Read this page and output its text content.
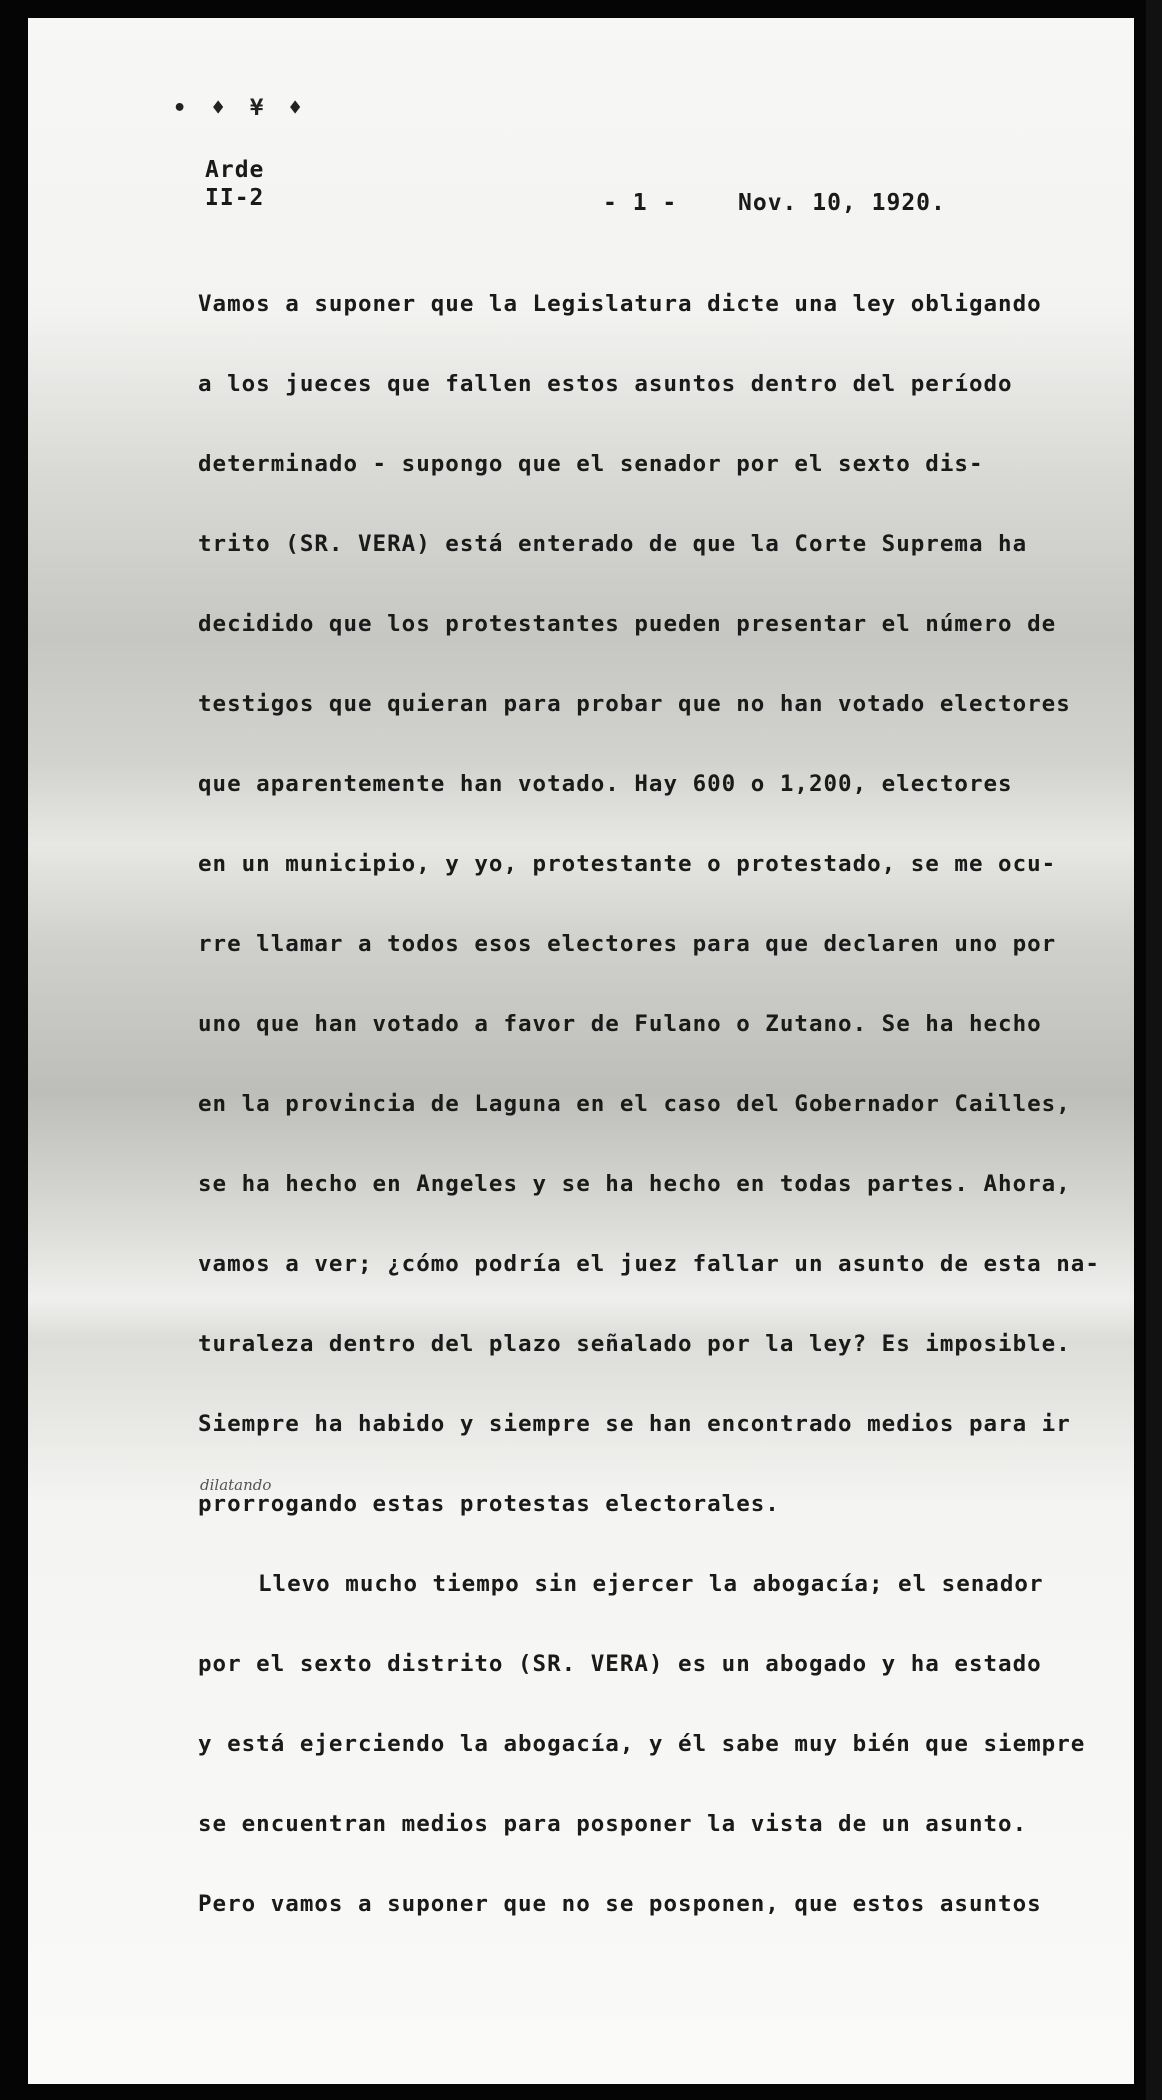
• ♦ ¥ ♦
Arde
II-2	- 1 -	Nov. 10, 1920.
dilatando
Vamos a suponer que la Legislatura dicte una ley obligando
a los jueces que fallen estos asuntos dentro del período
determinado - supongo que el senador por el sexto dis-
trito (SR. VERA) está enterado de que la Corte Suprema ha
decidido que los protestantes pueden presentar el número de
testigos que quieran para probar que no han votado electores
que aparentemente han votado. Hay 600 o 1,200, electores
en un municipio, y yo, protestante o protestado, se me ocu-
rre llamar a todos esos electores para que declaren uno por
uno que han votado a favor de Fulano o Zutano. Se ha hecho
en la provincia de Laguna en el caso del Gobernador Cailles,
se ha hecho en Angeles y se ha hecho en todas partes. Ahora,
vamos a ver; ¿cómo podría el juez fallar un asunto de esta na-
turaleza dentro del plazo señalado por la ley? Es imposible.
Siempre ha habido y siempre se han encontrado medios para ir
prorrogando estas protestas electorales.
Llevo mucho tiempo sin ejercer la abogacía; el senador
por el sexto distrito (SR. VERA) es un abogado y ha estado
y está ejerciendo la abogacía, y él sabe muy bién que siempre
se encuentran medios para posponer la vista de un asunto.
Pero vamos a suponer que no se posponen, que estos asuntos
